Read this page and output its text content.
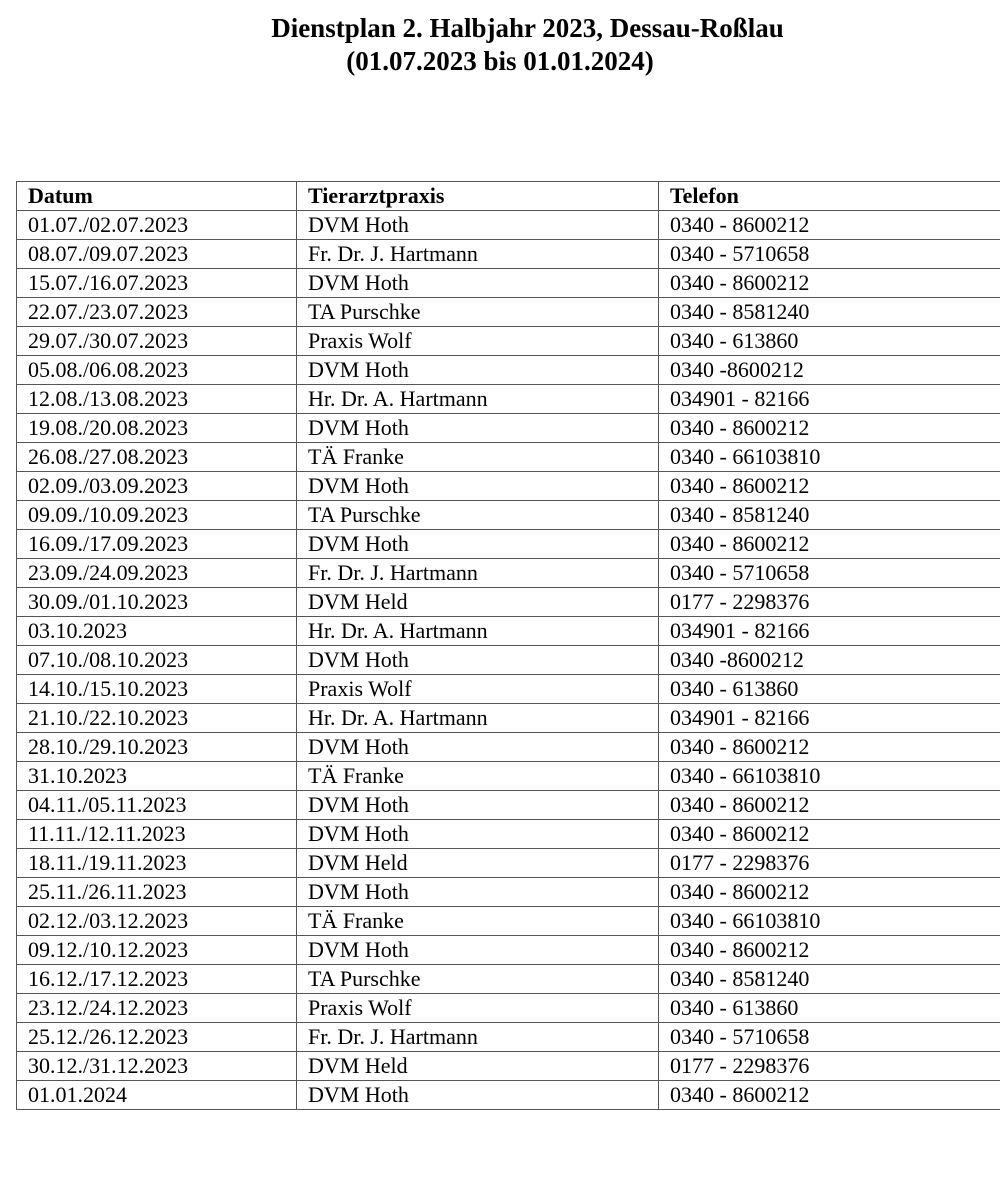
Dienstplan 2. Halbjahr 2023, Dessau-Roßlau
(01.07.2023 bis 01.01.2024)
Datum	Tierarztpraxis	Telefon
01.07./02.07.2023	DVM Hoth	0340 - 8600212
08.07./09.07.2023	Fr. Dr. J. Hartmann	0340 - 5710658
15.07./16.07.2023	DVM Hoth	0340 - 8600212
22.07./23.07.2023	TA Purschke	0340 - 8581240
29.07./30.07.2023	Praxis Wolf	0340 - 613860
05.08./06.08.2023	DVM Hoth	0340 -8600212
12.08./13.08.2023	Hr. Dr. A. Hartmann	034901 - 82166
19.08./20.08.2023	DVM Hoth	0340 - 8600212
26.08./27.08.2023	TÄ Franke	0340 - 66103810
02.09./03.09.2023	DVM Hoth	0340 - 8600212
09.09./10.09.2023	TA Purschke	0340 - 8581240
16.09./17.09.2023	DVM Hoth	0340 - 8600212
23.09./24.09.2023	Fr. Dr. J. Hartmann	0340 - 5710658
30.09./01.10.2023	DVM Held	0177 - 2298376
03.10.2023	Hr. Dr. A. Hartmann	034901 - 82166
07.10./08.10.2023	DVM Hoth	0340 -8600212
14.10./15.10.2023	Praxis Wolf	0340 - 613860
21.10./22.10.2023	Hr. Dr. A. Hartmann	034901 - 82166
28.10./29.10.2023	DVM Hoth	0340 - 8600212
31.10.2023	TÄ Franke	0340 - 66103810
04.11./05.11.2023	DVM Hoth	0340 - 8600212
11.11./12.11.2023	DVM Hoth	0340 - 8600212
18.11./19.11.2023	DVM Held	0177 - 2298376
25.11./26.11.2023	DVM Hoth	0340 - 8600212
02.12./03.12.2023	TÄ Franke	0340 - 66103810
09.12./10.12.2023	DVM Hoth	0340 - 8600212
16.12./17.12.2023	TA Purschke	0340 - 8581240
23.12./24.12.2023	Praxis Wolf	0340 - 613860
25.12./26.12.2023	Fr. Dr. J. Hartmann	0340 - 5710658
30.12./31.12.2023	DVM Held	0177 - 2298376
01.01.2024	DVM Hoth	0340 - 8600212
